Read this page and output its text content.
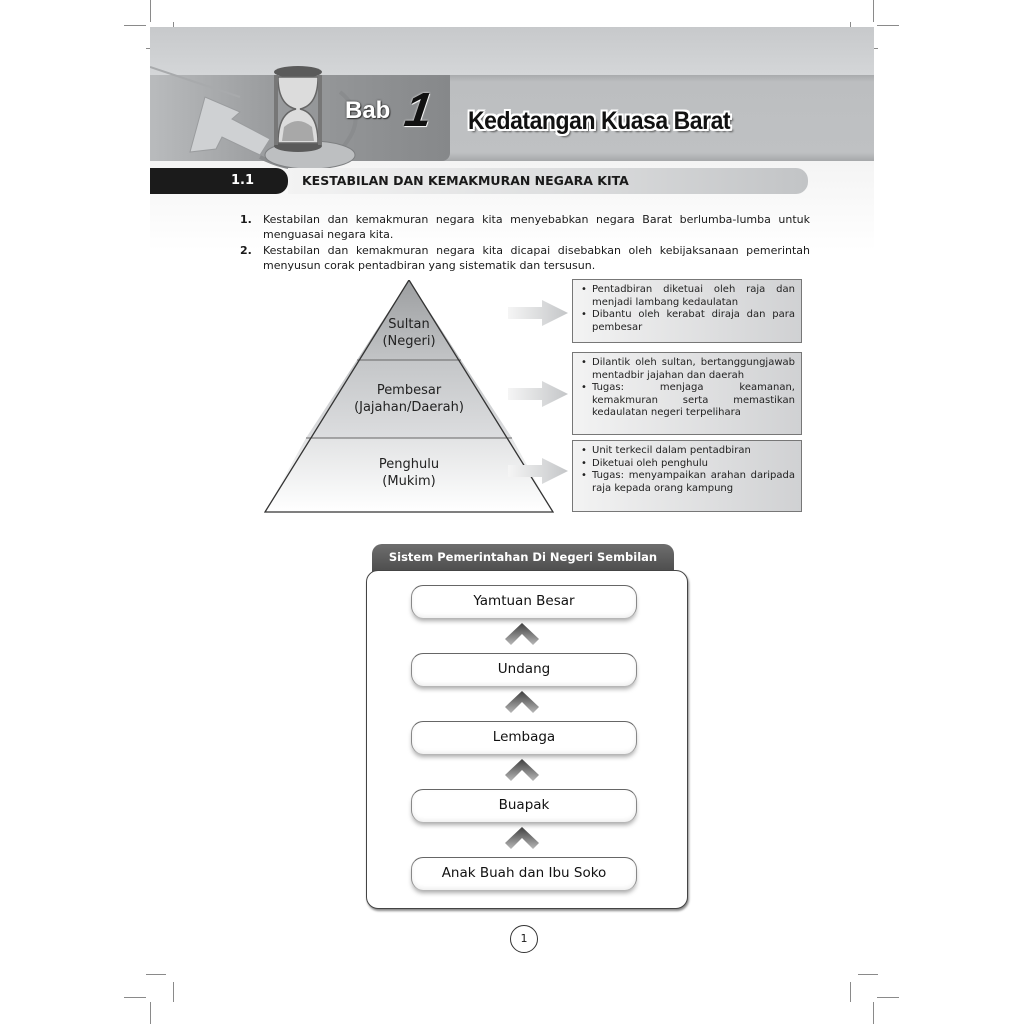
Bab 1 Kedatangan Kuasa Barat
1.1	KESTABILAN DAN KEMAKMURAN NEGARA KITA
1.	Kestabilan dan kemakmuran negara kita menyebabkan negara Barat berlumba-lumba untuk menguasai negara kita.
2.	Kestabilan dan kemakmuran negara kita dicapai disebabkan oleh kebijaksanaan pemerintah menyusun corak pentadbiran yang sistematik dan tersusun.
Sultan
(Negeri)
Pembesar
(Jajahan/Daerah)
Penghulu
(Mukim)
• Pentadbiran diketuai oleh raja dan menjadi lambang kedaulatan
• Dibantu oleh kerabat diraja dan para pembesar
• Dilantik oleh sultan, bertanggungjawab mentadbir jajahan dan daerah
• Tugas: menjaga keamanan, kemakmuran serta memastikan kedaulatan negeri terpelihara
• Unit terkecil dalam pentadbiran
• Diketuai oleh penghulu
• Tugas: menyampaikan arahan daripada raja kepada orang kampung
Sistem Pemerintahan Di Negeri Sembilan
Yamtuan Besar
Undang
Lembaga
Buapak
Anak Buah dan Ibu Soko
1
